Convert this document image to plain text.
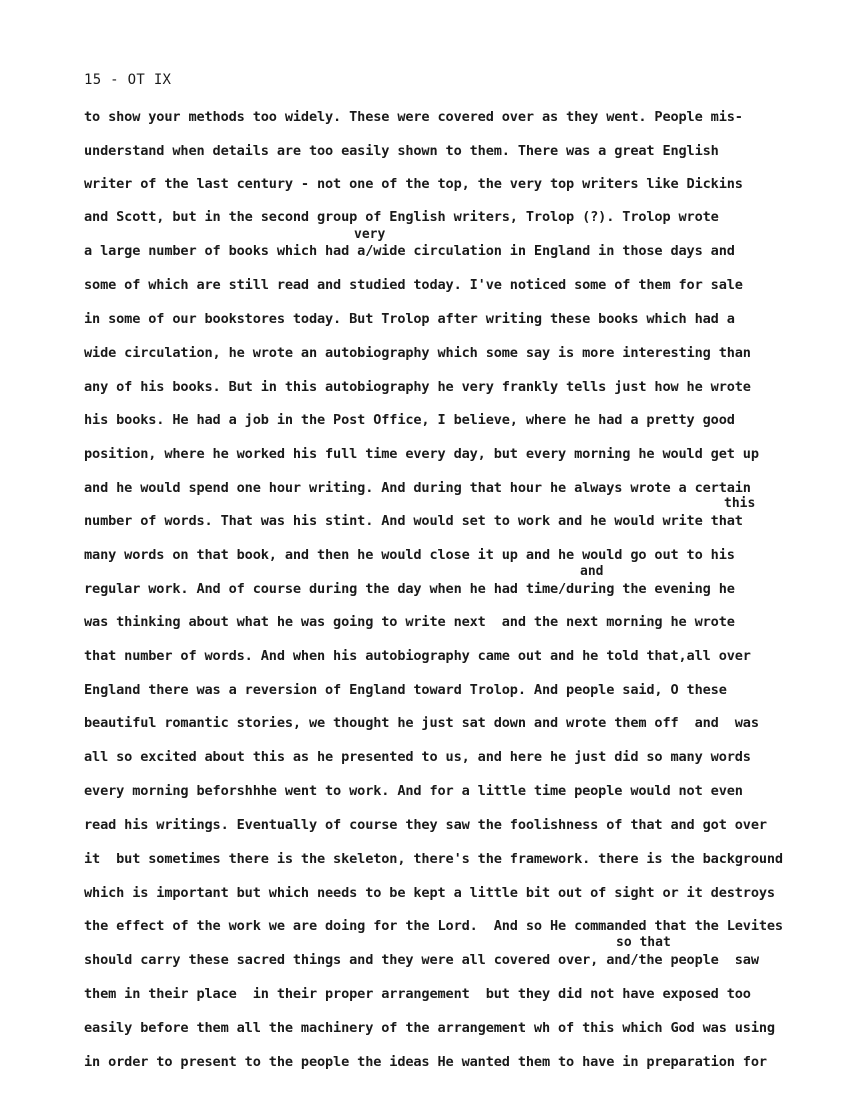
15 - OT IX
to show your methods too widely. These were covered over as they went. People mis-
understand when details are too easily shown to them. There was a great English
writer of the last century - not one of the top, the very top writers like Dickins
and Scott, but in the second group of English writers, Trolop (?). Trolop wrote
a large number of books which had a/wide circulation in England in those days and
some of which are still read and studied today. I've noticed some of them for sale
in some of our bookstores today. But Trolop after writing these books which had a
wide circulation, he wrote an autobiography which some say is more interesting than
any of his books. But in this autobiography he very frankly tells just how he wrote
his books. He had a job in the Post Office, I believe, where he had a pretty good
position, where he worked his full time every day, but every morning he would get up
and he would spend one hour writing. And during that hour he always wrote a certain
number of words. That was his stint. And would set to work and he would write that
many words on that book, and then he would close it up and he would go out to his
regular work. And of course during the day when he had time/during the evening he
was thinking about what he was going to write next  and the next morning he wrote
that number of words. And when his autobiography came out and he told that,all over
England there was a reversion of England toward Trolop. And people said, O these
beautiful romantic stories, we thought he just sat down and wrote them off  and  was
all so excited about this as he presented to us, and here he just did so many words
every morning beforshhhe went to work. And for a little time people would not even
read his writings. Eventually of course they saw the foolishness of that and got over
it  but sometimes there is the skeleton, there's the framework. there is the background
which is important but which needs to be kept a little bit out of sight or it destroys
the effect of the work we are doing for the Lord.  And so He commanded that the Levites
should carry these sacred things and they were all covered over, and/the people  saw
them in their place  in their proper arrangement  but they did not have exposed too
easily before them all the machinery of the arrangement wh of this which God was using
in order to present to the people the ideas He wanted them to have in preparation for
very
this
and
so that
